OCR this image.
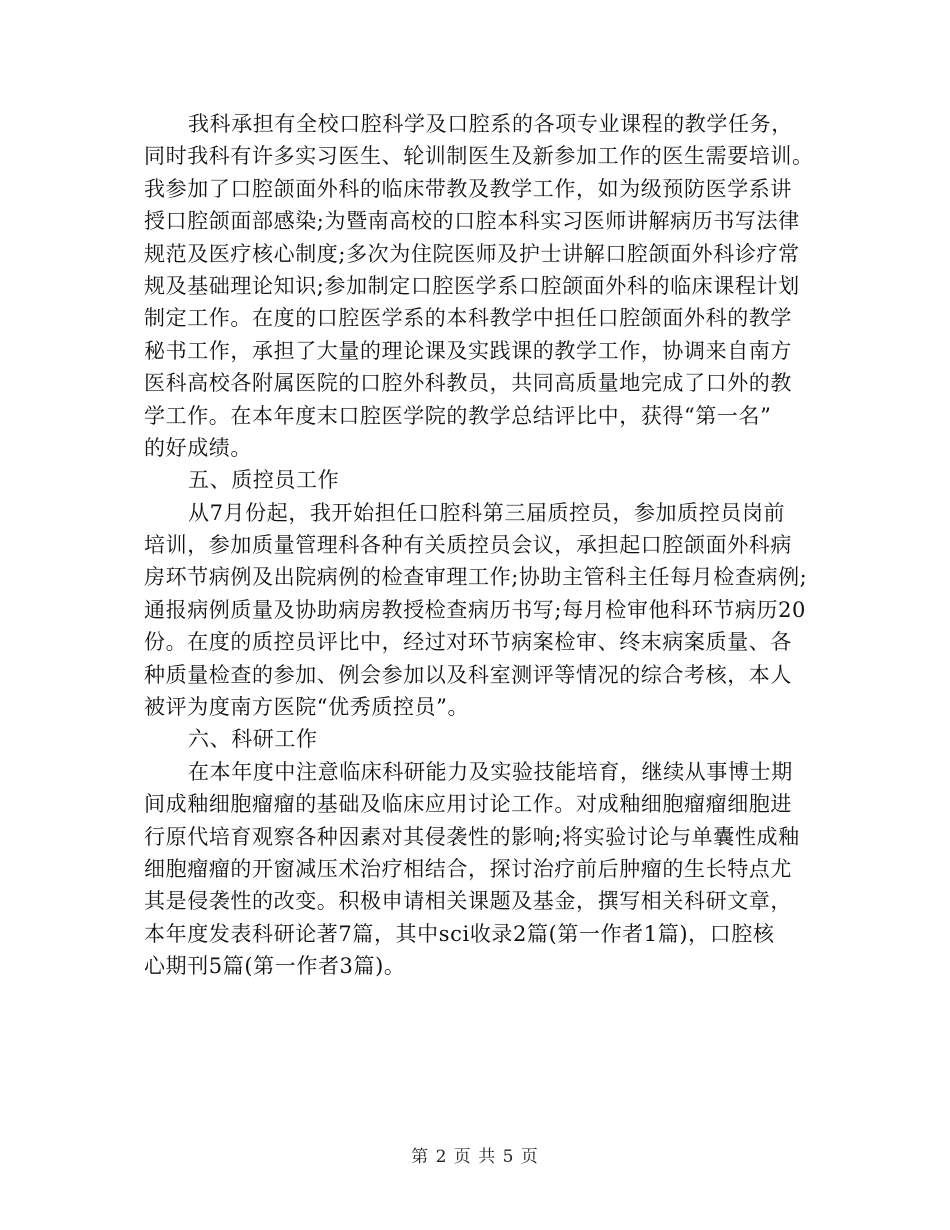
我科承担有全校口腔科学及口腔系的各项专业课程的教学任务，
同时我科有许多实习医生、轮训制医生及新参加工作的医生需要培训。
我参加了口腔颌面外科的临床带教及教学工作，如为级预防医学系讲
授口腔颌面部感染;为暨南高校的口腔本科实习医师讲解病历书写法律
规范及医疗核心制度;多次为住院医师及护士讲解口腔颌面外科诊疗常
规及基础理论知识;参加制定口腔医学系口腔颌面外科的临床课程计划
制定工作。在度的口腔医学系的本科教学中担任口腔颌面外科的教学
秘书工作，承担了大量的理论课及实践课的教学工作，协调来自南方
医科高校各附属医院的口腔外科教员，共同高质量地完成了口外的教
学工作。在本年度末口腔医学院的教学总结评比中，获得“第一名”
的好成绩。
五、质控员工作
从7月份起，我开始担任口腔科第三届质控员，参加质控员岗前
培训，参加质量管理科各种有关质控员会议，承担起口腔颌面外科病
房环节病例及出院病例的检查审理工作;协助主管科主任每月检查病例;
通报病例质量及协助病房教授检查病历书写;每月检审他科环节病历20
份。在度的质控员评比中，经过对环节病案检审、终末病案质量、各
种质量检查的参加、例会参加以及科室测评等情况的综合考核，本人
被评为度南方医院“优秀质控员”。
六、科研工作
在本年度中注意临床科研能力及实验技能培育，继续从事博士期
间成釉细胞瘤瘤的基础及临床应用讨论工作。对成釉细胞瘤瘤细胞进
行原代培育观察各种因素对其侵袭性的影响;将实验讨论与单囊性成釉
细胞瘤瘤的开窗减压术治疗相结合，探讨治疗前后肿瘤的生长特点尤
其是侵袭性的改变。积极申请相关课题及基金，撰写相关科研文章，
本年度发表科研论著7篇，其中sci收录2篇(第一作者1篇)，口腔核
心期刊5篇(第一作者3篇)。
第 2 页 共 5 页
